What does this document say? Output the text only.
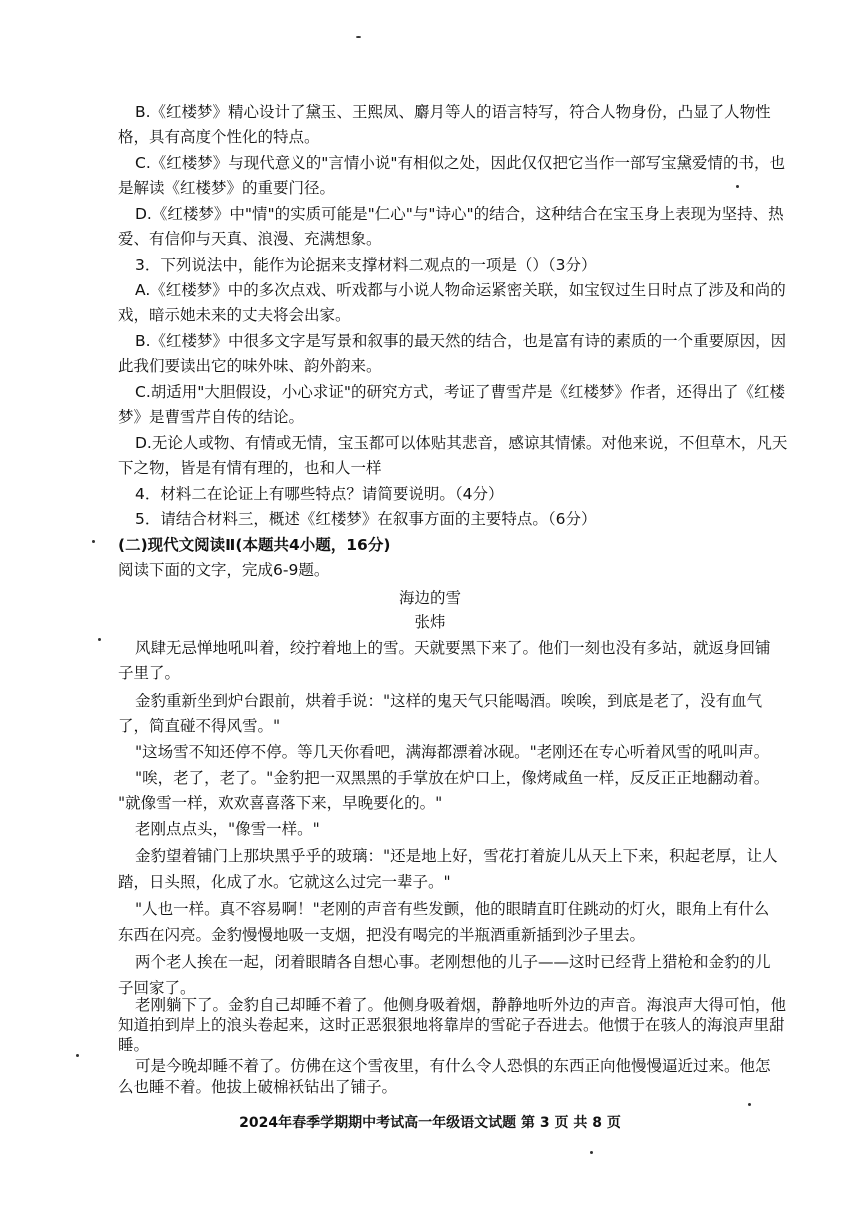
B.《红楼梦》精心设计了黛玉、王熙凤、麝月等人的语言特写，符合人物身份，凸显了人物性
格，具有高度个性化的特点。
C.《红楼梦》与现代意义的"言情小说"有相似之处，因此仅仅把它当作一部写宝黛爱情的书，也
是解读《红楼梦》的重要门径。
D.《红楼梦》中"情"的实质可能是"仁心"与"诗心"的结合，这种结合在宝玉身上表现为坚持、热
爱、有信仰与天真、浪漫、充满想象。
3．下列说法中，能作为论据来支撑材料二观点的一项是（）（3分）
A.《红楼梦》中的多次点戏、听戏都与小说人物命运紧密关联，如宝钗过生日时点了涉及和尚的
戏，暗示她未来的丈夫将会出家。
B.《红楼梦》中很多文字是写景和叙事的最天然的结合，也是富有诗的素质的一个重要原因，因
此我们要读出它的味外味、韵外韵来。
C.胡适用"大胆假设，小心求证"的研究方式，考证了曹雪芹是《红楼梦》作者，还得出了《红楼
梦》是曹雪芹自传的结论。
D.无论人或物、有情或无情，宝玉都可以体贴其悲音，感谅其情愫。对他来说，不但草木，凡天
下之物，皆是有情有理的，也和人一样
4．材料二在论证上有哪些特点？请简要说明。（4分）
5．请结合材料三，概述《红楼梦》在叙事方面的主要特点。（6分）
(二)现代文阅读Ⅱ(本题共4小题，16分)
阅读下面的文字，完成6-9题。
海边的雪
张炜
风肆无忌惮地吼叫着，绞拧着地上的雪。天就要黑下来了。他们一刻也没有多站，就返身回铺
子里了。
金豹重新坐到炉台跟前，烘着手说："这样的鬼天气只能喝酒。唉唉，到底是老了，没有血气
了，简直碰不得风雪。"
"这场雪不知还停不停。等几天你看吧，满海都漂着冰砚。"老刚还在专心听着风雪的吼叫声。
"唉，老了，老了。"金豹把一双黑黑的手掌放在炉口上，像烤咸鱼一样，反反正正地翻动着。
"就像雪一样，欢欢喜喜落下来，早晚要化的。"
老刚点点头，"像雪一样。"
金豹望着铺门上那块黑乎乎的玻璃："还是地上好，雪花打着旋儿从天上下来，积起老厚，让人
踏，日头照，化成了水。它就这么过完一辈子。"
"人也一样。真不容易啊！"老刚的声音有些发颤，他的眼睛直盯住跳动的灯火，眼角上有什么
东西在闪亮。金豹慢慢地吸一支烟，把没有喝完的半瓶酒重新插到沙子里去。
两个老人挨在一起，闭着眼睛各自想心事。老刚想他的儿子——这时已经背上猎枪和金豹的儿
子回家了。
老刚躺下了。金豹自己却睡不着了。他侧身吸着烟，静静地听外边的声音。海浪声大得可怕，他
知道拍到岸上的浪头卷起来，这时正恶狠狠地将靠岸的雪砣子吞进去。他惯于在骇人的海浪声里甜
睡。
2024年春季学期期中考试高一年级语文试题 第 3 页 共 8 页
可是今晚却睡不着了。仿佛在这个雪夜里，有什么令人恐惧的东西正向他慢慢逼近过来。他怎
么也睡不着。他拔上破棉袄钻出了铺子。
